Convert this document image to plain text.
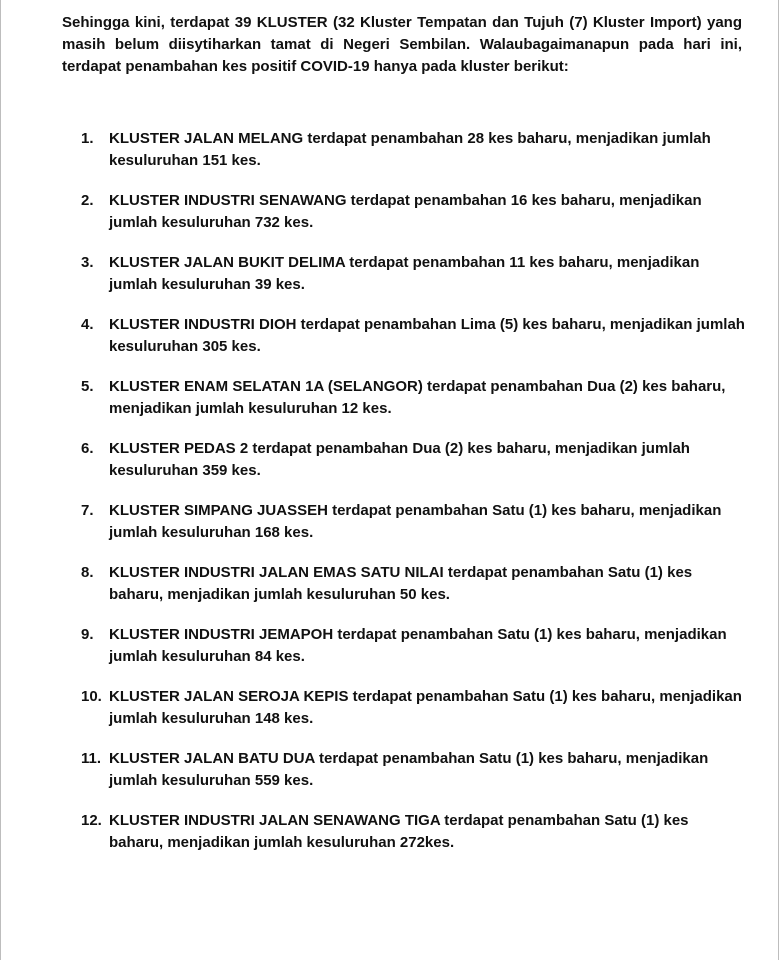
Sehingga kini, terdapat 39 KLUSTER (32 Kluster Tempatan dan Tujuh (7) Kluster Import) yang masih belum diisytiharkan tamat di Negeri Sembilan. Walaubagaimanapun pada hari ini, terdapat penambahan kes positif COVID-19 hanya pada kluster berikut:

1. KLUSTER JALAN MELANG terdapat penambahan 28 kes baharu, menjadikan jumlah kesuluruhan 151 kes.
2. KLUSTER INDUSTRI SENAWANG terdapat penambahan 16 kes baharu, menjadikan jumlah kesuluruhan 732 kes.
3. KLUSTER JALAN BUKIT DELIMA terdapat penambahan 11 kes baharu, menjadikan jumlah kesuluruhan 39 kes.
4. KLUSTER INDUSTRI DIOH terdapat penambahan Lima (5) kes baharu, menjadikan jumlah kesuluruhan 305 kes.
5. KLUSTER ENAM SELATAN 1A (SELANGOR) terdapat penambahan Dua (2) kes baharu, menjadikan jumlah kesuluruhan 12 kes.
6. KLUSTER PEDAS 2 terdapat penambahan Dua (2) kes baharu, menjadikan jumlah kesuluruhan 359 kes.
7. KLUSTER SIMPANG JUASSEH terdapat penambahan Satu (1) kes baharu, menjadikan jumlah kesuluruhan 168 kes.
8. KLUSTER INDUSTRI JALAN EMAS SATU NILAI terdapat penambahan Satu (1) kes baharu, menjadikan jumlah kesuluruhan 50 kes.
9. KLUSTER INDUSTRI JEMAPOH terdapat penambahan Satu (1) kes baharu, menjadikan jumlah kesuluruhan 84 kes.
10. KLUSTER JALAN SEROJA KEPIS terdapat penambahan Satu (1) kes baharu, menjadikan jumlah kesuluruhan 148 kes.
11. KLUSTER JALAN BATU DUA terdapat penambahan Satu (1) kes baharu, menjadikan jumlah kesuluruhan 559 kes.
12. KLUSTER INDUSTRI JALAN SENAWANG TIGA terdapat penambahan Satu (1) kes baharu, menjadikan jumlah kesuluruhan 272kes.
